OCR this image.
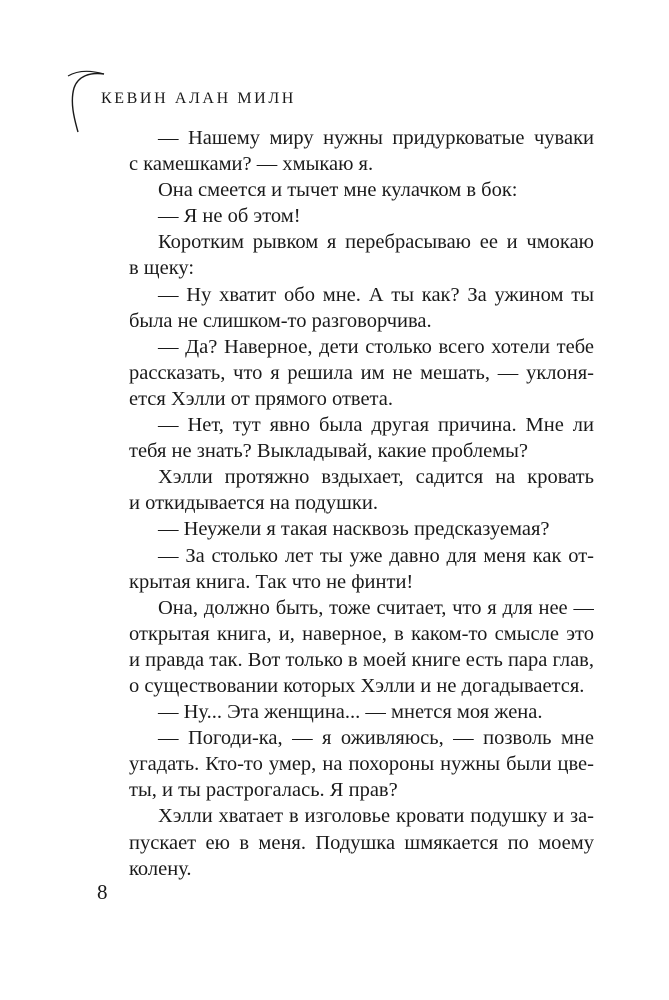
КЕВИН АЛАН МИЛН
— Нашему миру нужны придурковатые чуваки
с камешками? — хмыкаю я.
Она смеется и тычет мне кулачком в бок:
— Я не об этом!
Коротким рывком я перебрасываю ее и чмокаю
в щеку:
— Ну хватит обо мне. А ты как? За ужином ты
была не слишком-то разговорчива.
— Да? Наверное, дети столько всего хотели тебе
рассказать, что я решила им не мешать, — уклоня-
ется Хэлли от прямого ответа.
— Нет, тут явно была другая причина. Мне ли
тебя не знать? Выкладывай, какие проблемы?
Хэлли протяжно вздыхает, садится на кровать
и откидывается на подушки.
— Неужели я такая насквозь предсказуемая?
— За столько лет ты уже давно для меня как от-
крытая книга. Так что не финти!
Она, должно быть, тоже считает, что я для нее —
открытая книга, и, наверное, в каком-то смысле это
и правда так. Вот только в моей книге есть пара глав,
о существовании которых Хэлли и не догадывается.
— Ну... Эта женщина... — мнется моя жена.
— Погоди-ка, — я оживляюсь, — позволь мне
угадать. Кто-то умер, на похороны нужны были цве-
ты, и ты растрогалась. Я прав?
Хэлли хватает в изголовье кровати подушку и за-
пускает ею в меня. Подушка шмякается по моему
колену.
8
